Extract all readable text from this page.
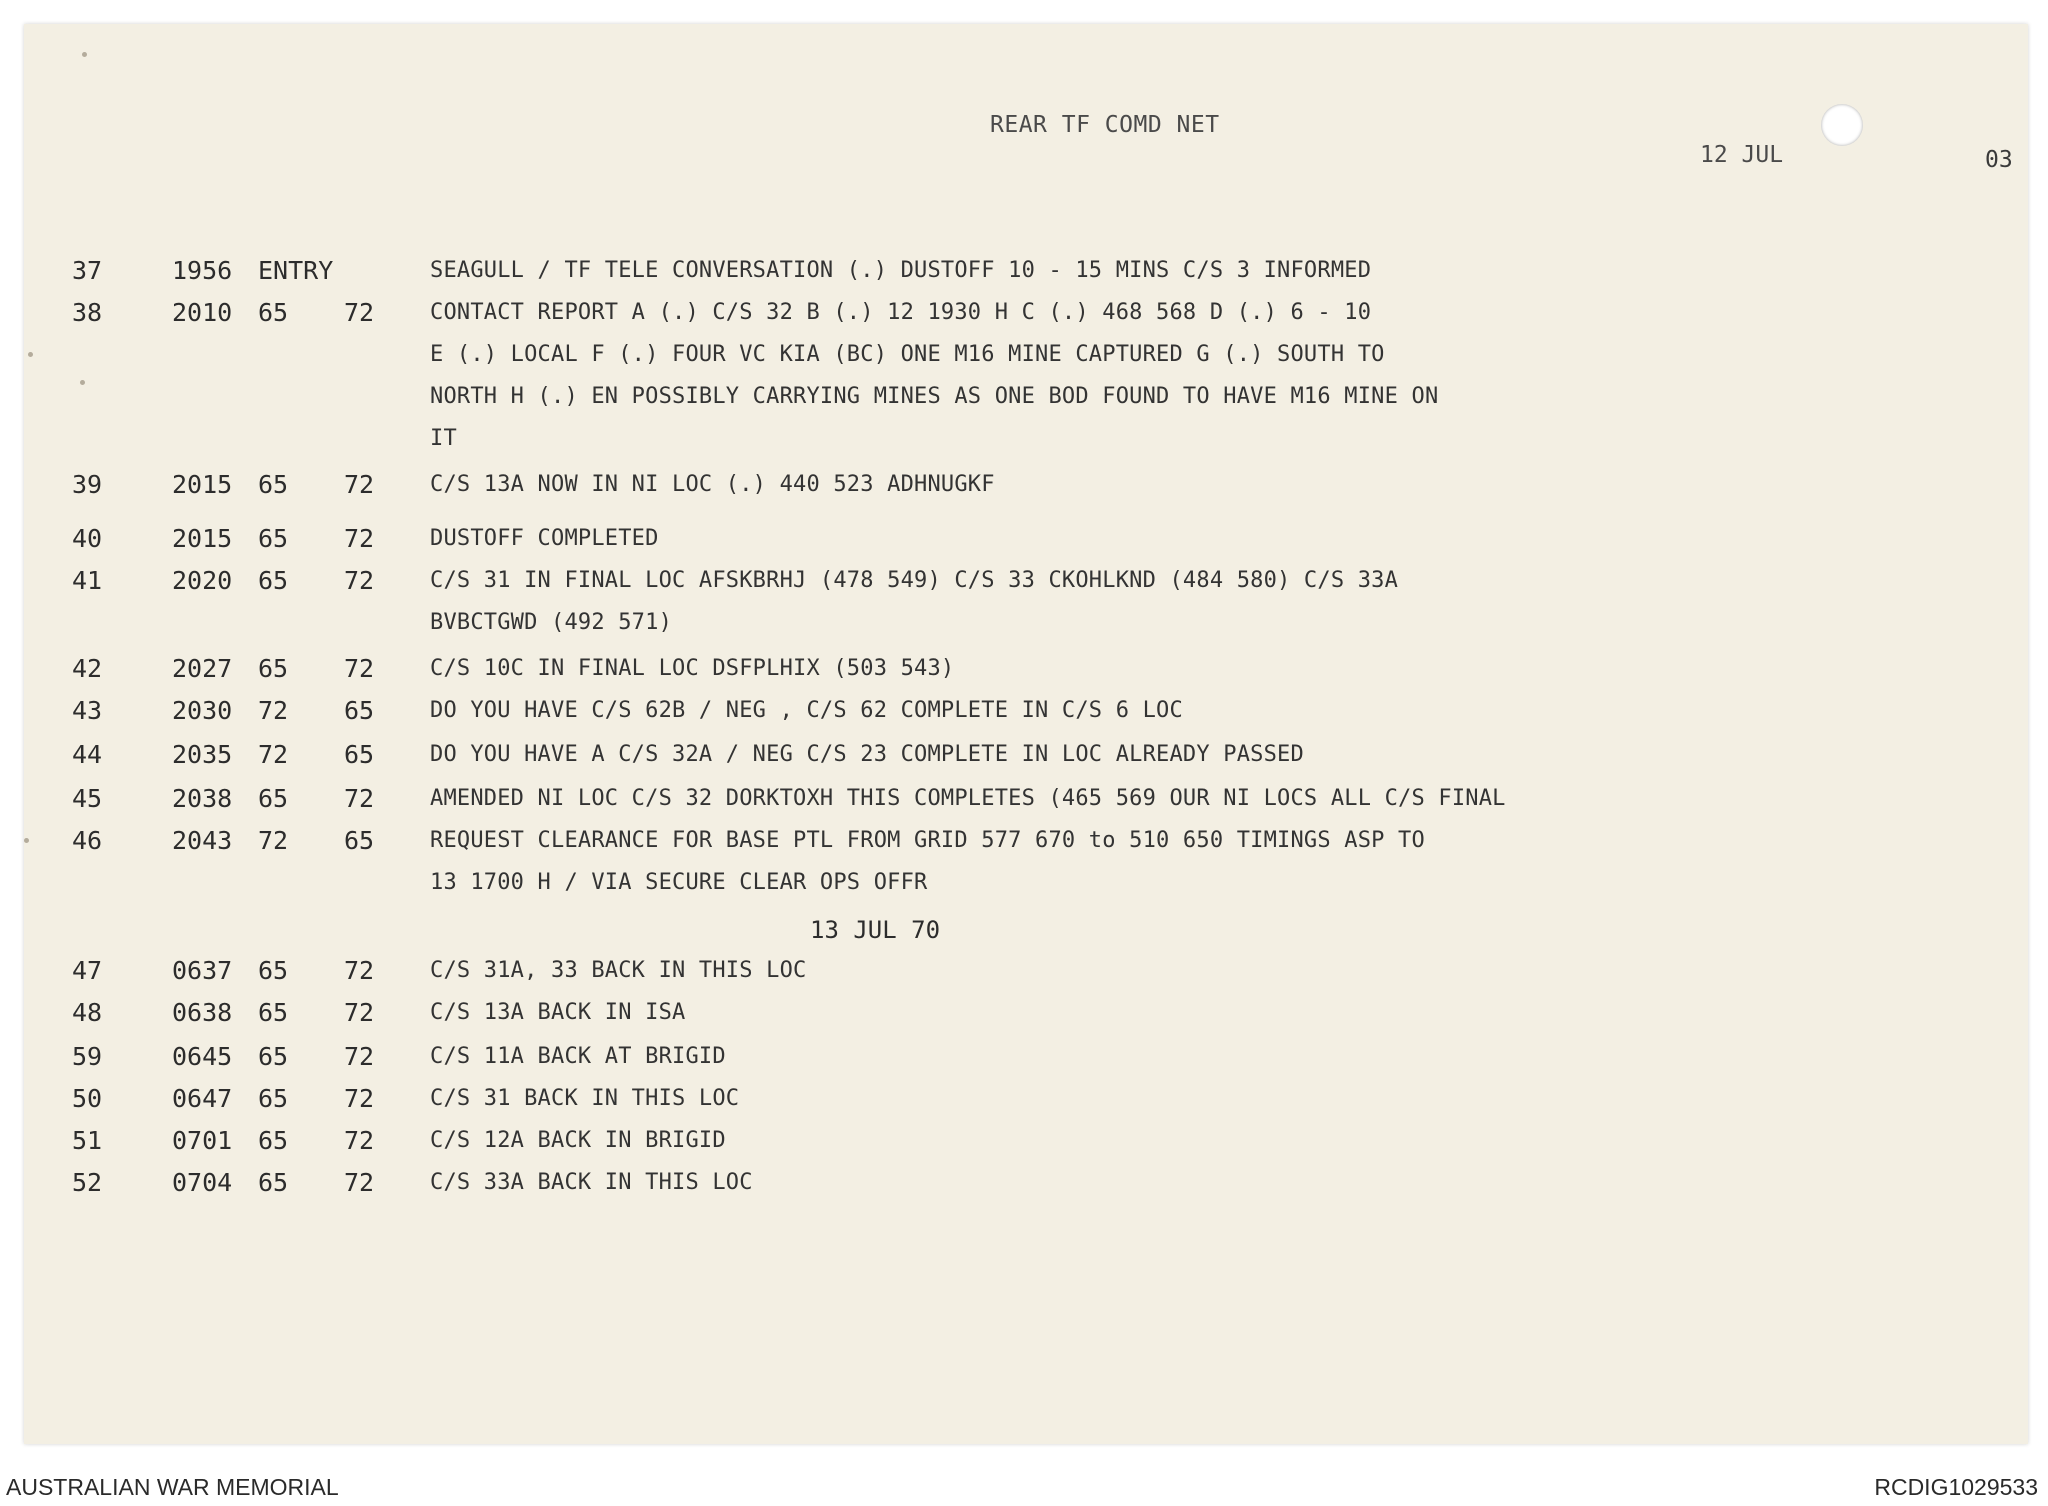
REAR TF COMD NET
12 JUL	03
37	1956 ENTRY	SEAGULL / TF TELE CONVERSATION (.) DUSTOFF 10 - 15 MINS C/S 3 INFORMED
38	2010 65 72	CONTACT REPORT A (.) C/S 32 B (.) 12 1930 H C (.) 468 568 D (.) 6 - 10
E (.) LOCAL F (.) FOUR VC KIA (BC) ONE M16 MINE CAPTURED G (.) SOUTH TO
NORTH H (.) EN POSSIBLY CARRYING MINES AS ONE BOD FOUND TO HAVE M16 MINE ON
IT
39	2015 65 72	C/S 13A NOW IN NI LOC (.) 440 523 ADHNUGKF
40	2015 65 72	DUSTOFF COMPLETED
41	2020 65 72	C/S 31 IN FINAL LOC AFSKBRHJ (478 549) C/S 33 CKOHLKND (484 580) C/S 33A
BVBCTGWD (492 571)
42	2027 65 72	C/S 10C IN FINAL LOC DSFPLHIX (503 543)
43	2030 72 65	DO YOU HAVE C/S 62B / NEG , C/S 62 COMPLETE IN C/S 6 LOC
44	2035 72 65	DO YOU HAVE A C/S 32A / NEG C/S 23 COMPLETE IN LOC ALREADY PASSED
45	2038 65 72	AMENDED NI LOC C/S 32 DORKTOXH THIS COMPLETES (465 569 OUR NI LOCS ALL C/S FINAL
46	2043 72 65	REQUEST CLEARANCE FOR BASE PTL FROM GRID 577 670 to 510 650 TIMINGS ASP TO
13 1700 H / VIA SECURE CLEAR OPS OFFR
47	0637 65 72	C/S 31A, 33 BACK IN THIS LOC
48	0638 65 72	C/S 13A BACK IN ISA
59	0645 65 72	C/S 11A BACK AT BRIGID
50	0647 65 72	C/S 31 BACK IN THIS LOC
51	0701 65 72	C/S 12A BACK IN BRIGID
52	0704 65 72	C/S 33A BACK IN THIS LOC
13 JUL 70
AUSTRALIAN WAR MEMORIAL	RCDIG1029533
